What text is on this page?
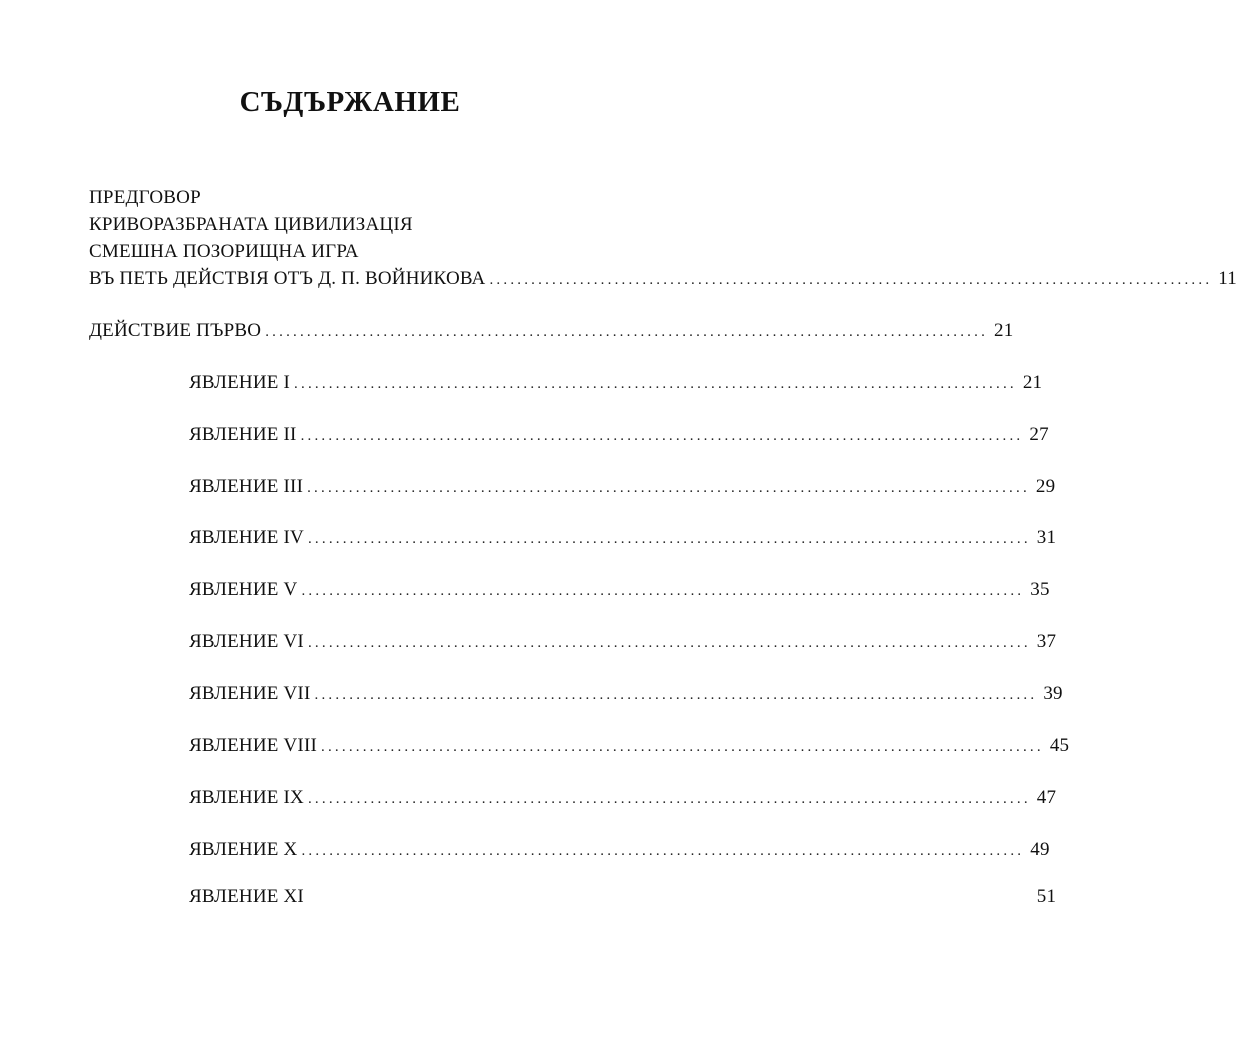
СЪДЪРЖАНИЕ
ПРЕДГОВОР
КРИВОРАЗБРАНАТА ЦИВИЛИЗАЦІЯ
СМЕШНА ПОЗОРИЩНА ИГРА
ВЪ ПЕТЬ ДЕЙСТВІЯ ОТЪ Д. П. ВОЙНИКОВА ........................................................................................................ 11
ДЕЙСТВИЕ ПЪРВО ........................................................................................................ 21
ЯВЛЕНИЕ I ........................................................................................................ 21
ЯВЛЕНИЕ II ........................................................................................................ 27
ЯВЛЕНИЕ III ........................................................................................................ 29
ЯВЛЕНИЕ IV ........................................................................................................ 31
ЯВЛЕНИЕ V ........................................................................................................ 35
ЯВЛЕНИЕ VI ........................................................................................................ 37
ЯВЛЕНИЕ VII ........................................................................................................ 39
ЯВЛЕНИЕ VIII ........................................................................................................ 45
ЯВЛЕНИЕ IX ........................................................................................................ 47
ЯВЛЕНИЕ X ........................................................................................................ 49
ЯВЛЕНИЕ XI	51
